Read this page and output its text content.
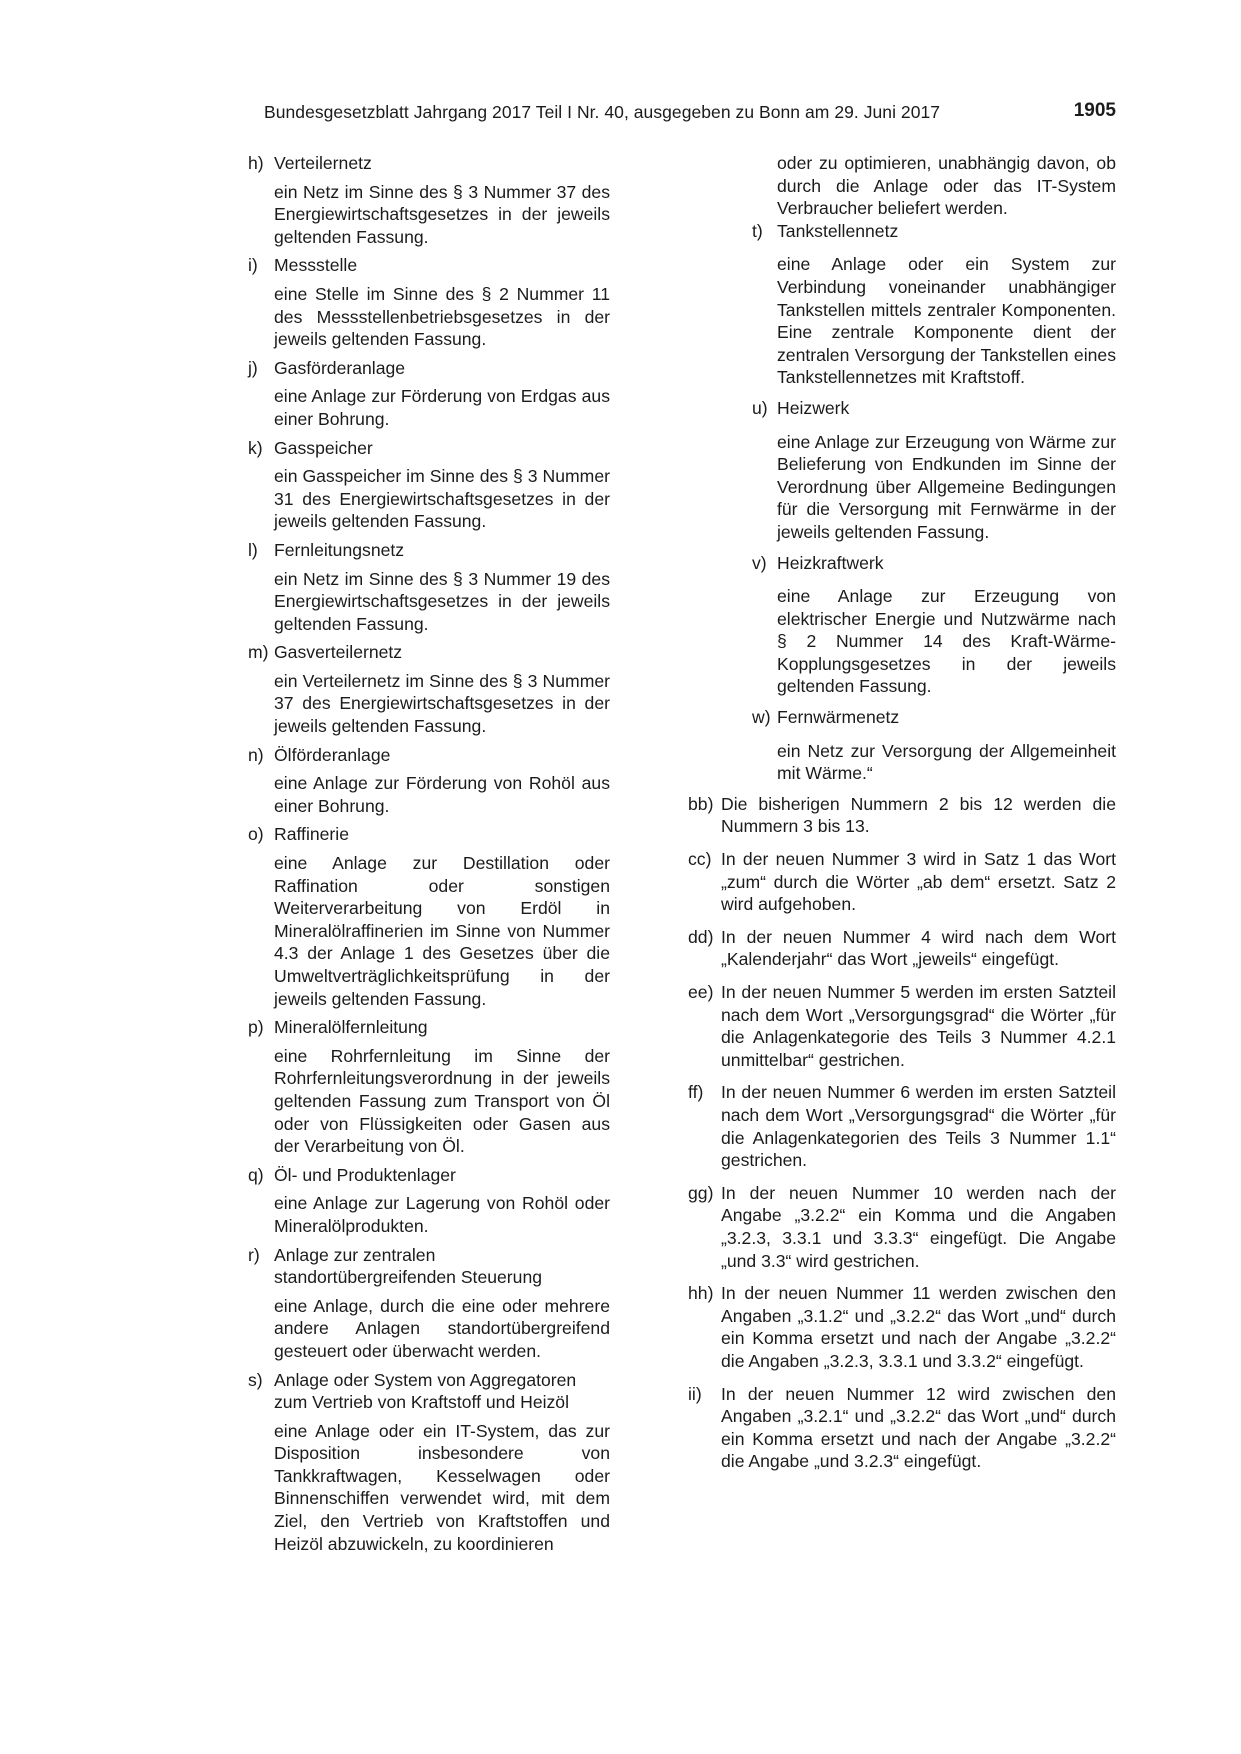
Bundesgesetzblatt Jahrgang 2017 Teil I Nr. 40, ausgegeben zu Bonn am 29. Juni 2017	1905
h) Verteilernetz
ein Netz im Sinne des § 3 Nummer 37 des Energiewirtschaftsgesetzes in der jeweils geltenden Fassung.
i) Messstelle
eine Stelle im Sinne des § 2 Nummer 11 des Messstellenbetriebsgesetzes in der jeweils geltenden Fassung.
j) Gasförderanlage
eine Anlage zur Förderung von Erdgas aus einer Bohrung.
k) Gasspeicher
ein Gasspeicher im Sinne des § 3 Nummer 31 des Energiewirtschaftsgesetzes in der jeweils geltenden Fassung.
l) Fernleitungsnetz
ein Netz im Sinne des § 3 Nummer 19 des Energiewirtschaftsgesetzes in der jeweils geltenden Fassung.
m) Gasverteilernetz
ein Verteilernetz im Sinne des § 3 Nummer 37 des Energiewirtschaftsgesetzes in der jeweils geltenden Fassung.
n) Ölförderanlage
eine Anlage zur Förderung von Rohöl aus einer Bohrung.
o) Raffinerie
eine Anlage zur Destillation oder Raffination oder sonstigen Weiterverarbeitung von Erdöl in Mineralölraffinerien im Sinne von Nummer 4.3 der Anlage 1 des Gesetzes über die Umweltverträglichkeitsprüfung in der jeweils geltenden Fassung.
p) Mineralölfernleitung
eine Rohrfernleitung im Sinne der Rohrfernleitungsverordnung in der jeweils geltenden Fassung zum Transport von Öl oder von Flüssigkeiten oder Gasen aus der Verarbeitung von Öl.
q) Öl- und Produktenlager
eine Anlage zur Lagerung von Rohöl oder Mineralölprodukten.
r) Anlage zur zentralen standortübergreifenden Steuerung
eine Anlage, durch die eine oder mehrere andere Anlagen standortübergreifend gesteuert oder überwacht werden.
s) Anlage oder System von Aggregatoren zum Vertrieb von Kraftstoff und Heizöl
eine Anlage oder ein IT-System, das zur Disposition insbesondere von Tankkraftwagen, Kesselwagen oder Binnenschiffen verwendet wird, mit dem Ziel, den Vertrieb von Kraftstoffen und Heizöl abzuwickeln, zu koordinieren
oder zu optimieren, unabhängig davon, ob durch die Anlage oder das IT-System Verbraucher beliefert werden.
t) Tankstellennetz
eine Anlage oder ein System zur Verbindung voneinander unabhängiger Tankstellen mittels zentraler Komponenten. Eine zentrale Komponente dient der zentralen Versorgung der Tankstellen eines Tankstellennetzes mit Kraftstoff.
u) Heizwerk
eine Anlage zur Erzeugung von Wärme zur Belieferung von Endkunden im Sinne der Verordnung über Allgemeine Bedingungen für die Versorgung mit Fernwärme in der jeweils geltenden Fassung.
v) Heizkraftwerk
eine Anlage zur Erzeugung von elektrischer Energie und Nutzwärme nach § 2 Nummer 14 des Kraft-Wärme-Kopplungsgesetzes in der jeweils geltenden Fassung.
w) Fernwärmenetz
ein Netz zur Versorgung der Allgemeinheit mit Wärme.“
bb) Die bisherigen Nummern 2 bis 12 werden die Nummern 3 bis 13.
cc) In der neuen Nummer 3 wird in Satz 1 das Wort „zum“ durch die Wörter „ab dem“ ersetzt. Satz 2 wird aufgehoben.
dd) In der neuen Nummer 4 wird nach dem Wort „Kalenderjahr“ das Wort „jeweils“ eingefügt.
ee) In der neuen Nummer 5 werden im ersten Satzteil nach dem Wort „Versorgungsgrad“ die Wörter „für die Anlagenkategorie des Teils 3 Nummer 4.2.1 unmittelbar“ gestrichen.
ff) In der neuen Nummer 6 werden im ersten Satzteil nach dem Wort „Versorgungsgrad“ die Wörter „für die Anlagenkategorien des Teils 3 Nummer 1.1“ gestrichen.
gg) In der neuen Nummer 10 werden nach der Angabe „3.2.2“ ein Komma und die Angaben „3.2.3, 3.3.1 und 3.3.3“ eingefügt. Die Angabe „und 3.3“ wird gestrichen.
hh) In der neuen Nummer 11 werden zwischen den Angaben „3.1.2“ und „3.2.2“ das Wort „und“ durch ein Komma ersetzt und nach der Angabe „3.2.2“ die Angaben „3.2.3, 3.3.1 und 3.3.2“ eingefügt.
ii) In der neuen Nummer 12 wird zwischen den Angaben „3.2.1“ und „3.2.2“ das Wort „und“ durch ein Komma ersetzt und nach der Angabe „3.2.2“ die Angabe „und 3.2.3“ eingefügt.
